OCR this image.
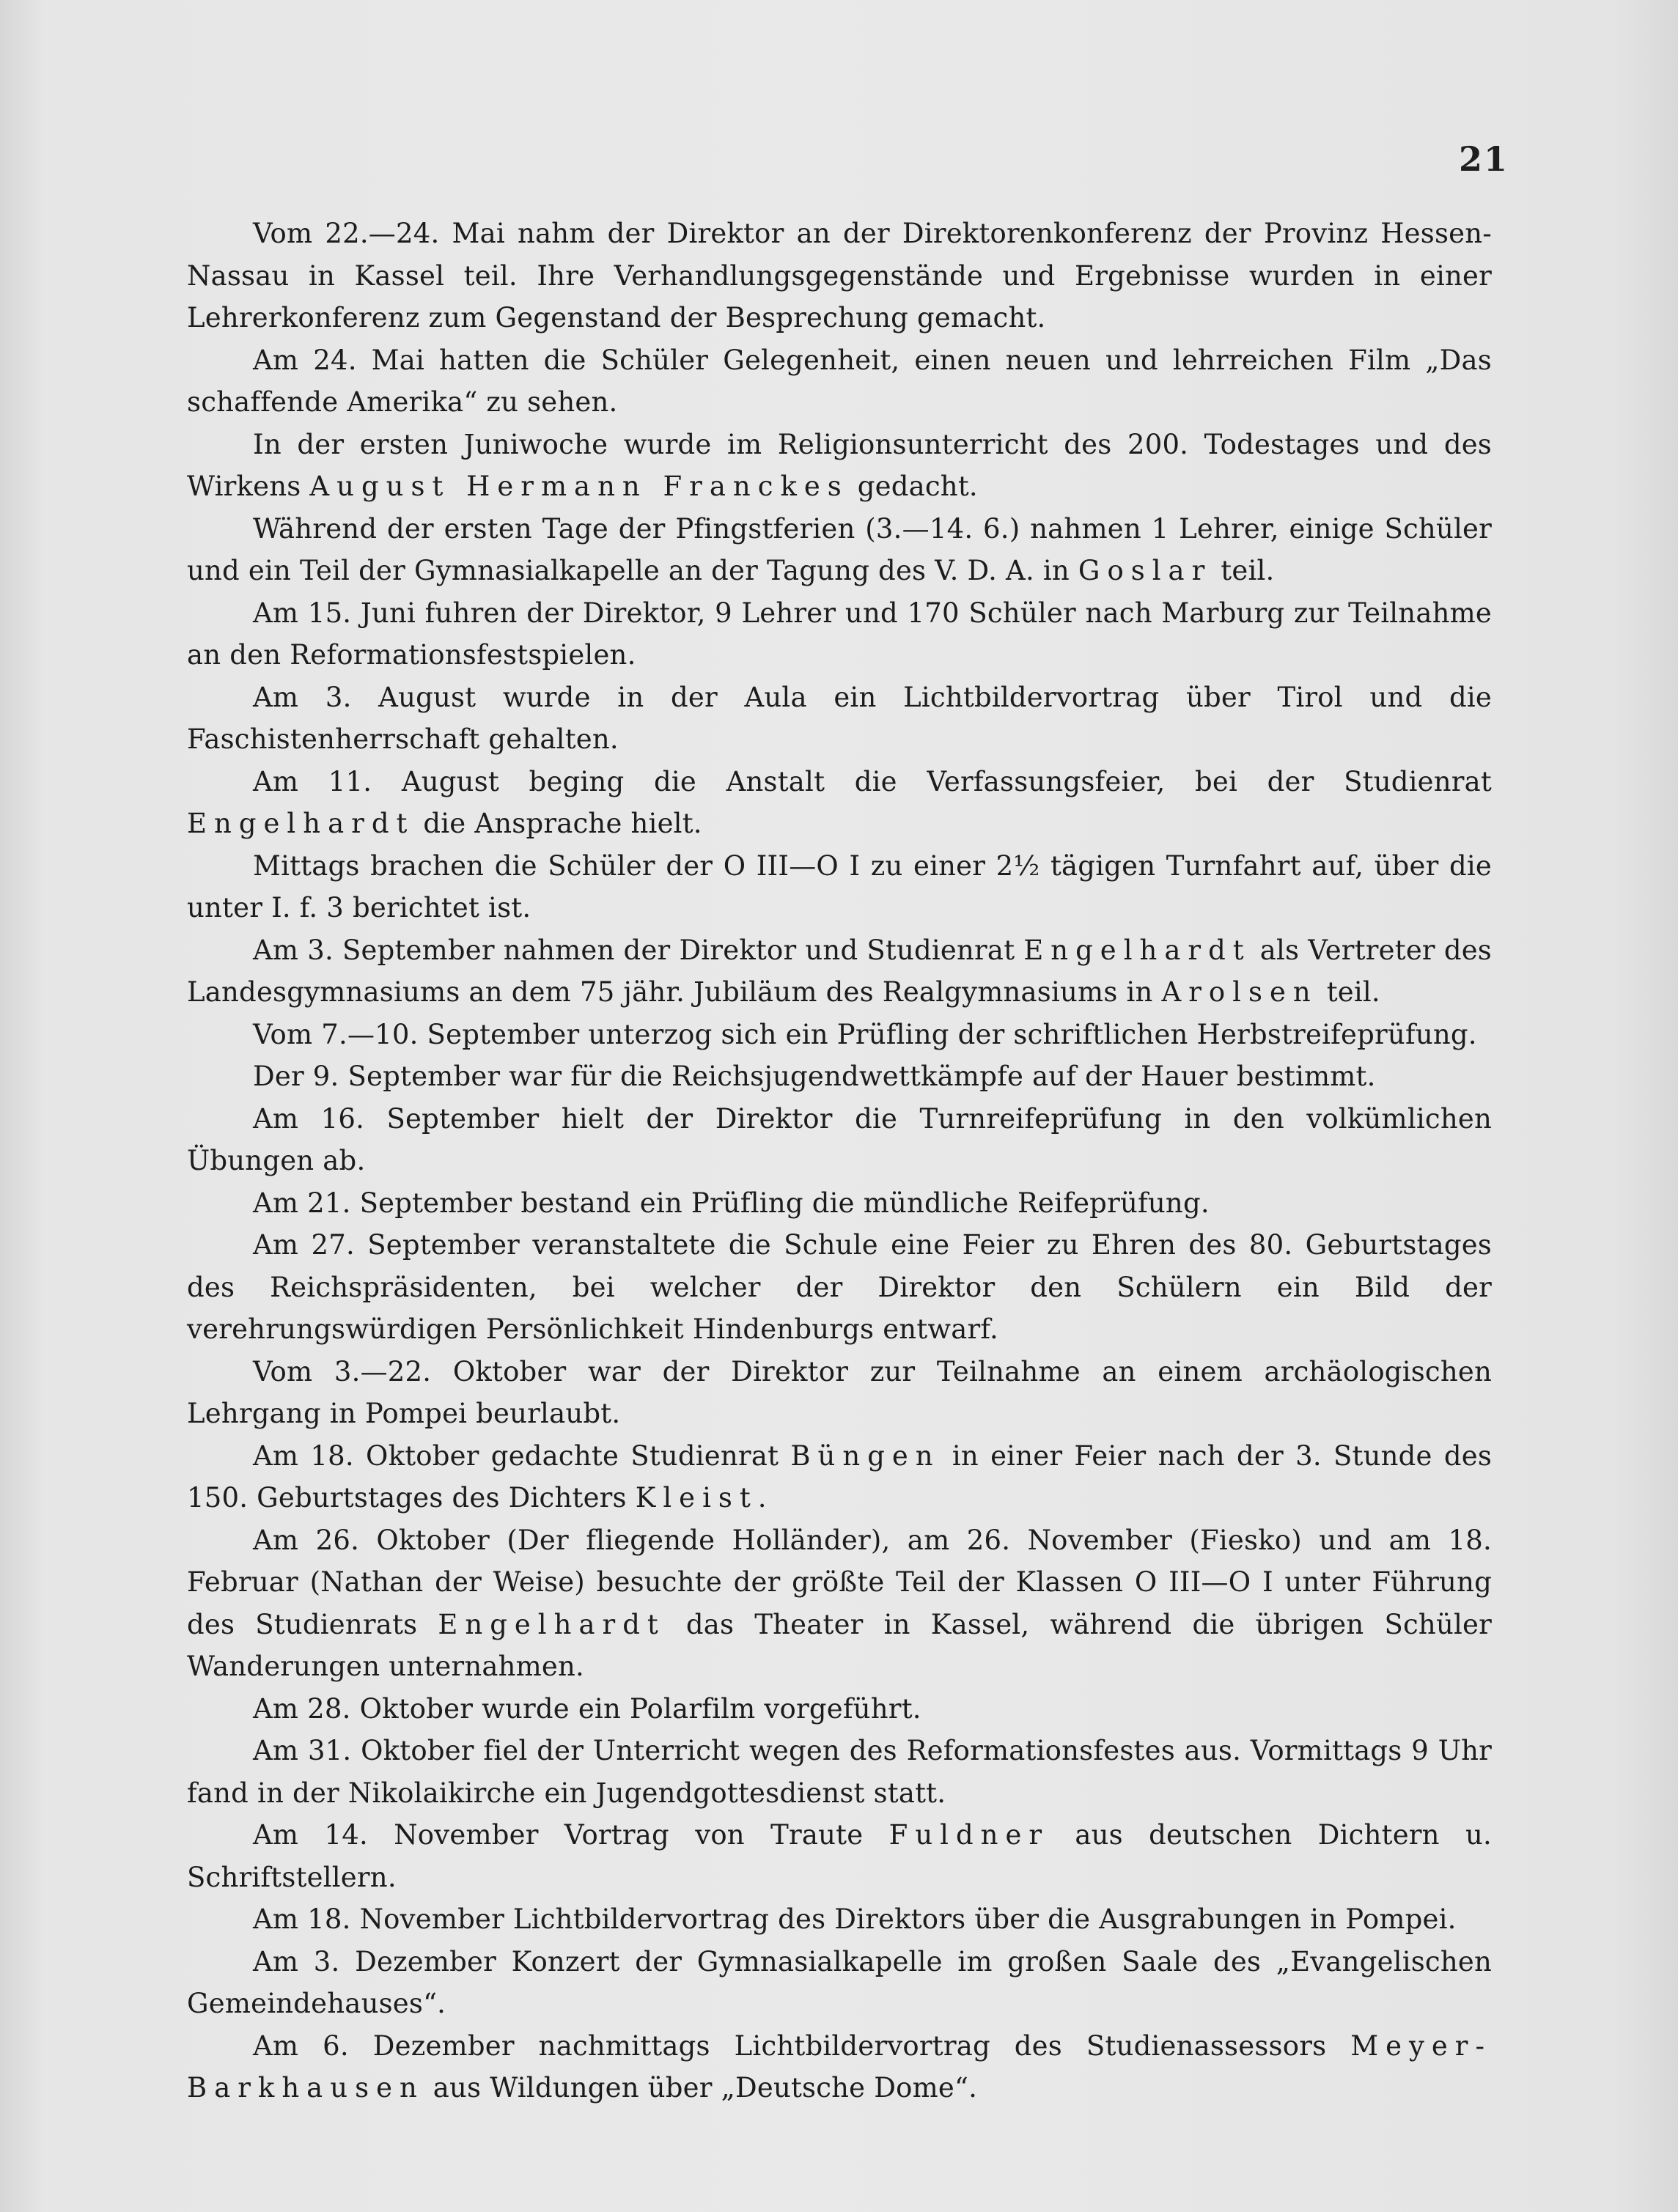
21

Vom 22.—24. Mai nahm der Direktor an der Direktorenkonferenz der Provinz Hessen-Nassau in Kassel teil. Ihre Verhandlungsgegenstände und Ergebnisse wurden in einer Lehrerkonferenz zum Gegenstand der Besprechung gemacht.

Am 24. Mai hatten die Schüler Gelegenheit, einen neuen und lehrreichen Film „Das schaffende Amerika“ zu sehen.

In der ersten Juniwoche wurde im Religionsunterricht des 200. Todestages und des Wirkens August Hermann Franckes gedacht.

Während der ersten Tage der Pfingstferien (3.—14. 6.) nahmen 1 Lehrer, einige Schüler und ein Teil der Gymnasialkapelle an der Tagung des V. D. A. in Goslar teil.

Am 15. Juni fuhren der Direktor, 9 Lehrer und 170 Schüler nach Marburg zur Teilnahme an den Reformationsfestspielen.

Am 3. August wurde in der Aula ein Lichtbildervortrag über Tirol und die Faschistenherrschaft gehalten.

Am 11. August beging die Anstalt die Verfassungsfeier, bei der Studienrat Engelhardt die Ansprache hielt.

Mittags brachen die Schüler der O III—O I zu einer 2½ tägigen Turnfahrt auf, über die unter I. f. 3 berichtet ist.

Am 3. September nahmen der Direktor und Studienrat Engelhardt als Vertreter des Landesgymnasiums an dem 75 jähr. Jubiläum des Realgymnasiums in Arolsen teil.

Vom 7.—10. September unterzog sich ein Prüfling der schriftlichen Herbstreifeprüfung.

Der 9. September war für die Reichsjugendwettkämpfe auf der Hauer bestimmt.

Am 16. September hielt der Direktor die Turnreifeprüfung in den volkümlichen Übungen ab.

Am 21. September bestand ein Prüfling die mündliche Reifeprüfung.

Am 27. September veranstaltete die Schule eine Feier zu Ehren des 80. Geburtstages des Reichspräsidenten, bei welcher der Direktor den Schülern ein Bild der verehrungswürdigen Persönlichkeit Hindenburgs entwarf.

Vom 3.—22. Oktober war der Direktor zur Teilnahme an einem archäologischen Lehrgang in Pompei beurlaubt.

Am 18. Oktober gedachte Studienrat Büngen in einer Feier nach der 3. Stunde des 150. Geburtstages des Dichters Kleist.

Am 26. Oktober (Der fliegende Holländer), am 26. November (Fiesko) und am 18. Februar (Nathan der Weise) besuchte der größte Teil der Klassen O III—O I unter Führung des Studienrats Engelhardt das Theater in Kassel, während die übrigen Schüler Wanderungen unternahmen.

Am 28. Oktober wurde ein Polarfilm vorgeführt.

Am 31. Oktober fiel der Unterricht wegen des Reformationsfestes aus. Vormittags 9 Uhr fand in der Nikolaikirche ein Jugendgottesdienst statt.

Am 14. November Vortrag von Traute Fuldner aus deutschen Dichtern u. Schriftstellern.

Am 18. November Lichtbildervortrag des Direktors über die Ausgrabungen in Pompei.

Am 3. Dezember Konzert der Gymnasialkapelle im großen Saale des „Evangelischen Gemeindehauses“.

Am 6. Dezember nachmittags Lichtbildervortrag des Studienassessors Meyer-Barkhausen aus Wildungen über „Deutsche Dome“.
